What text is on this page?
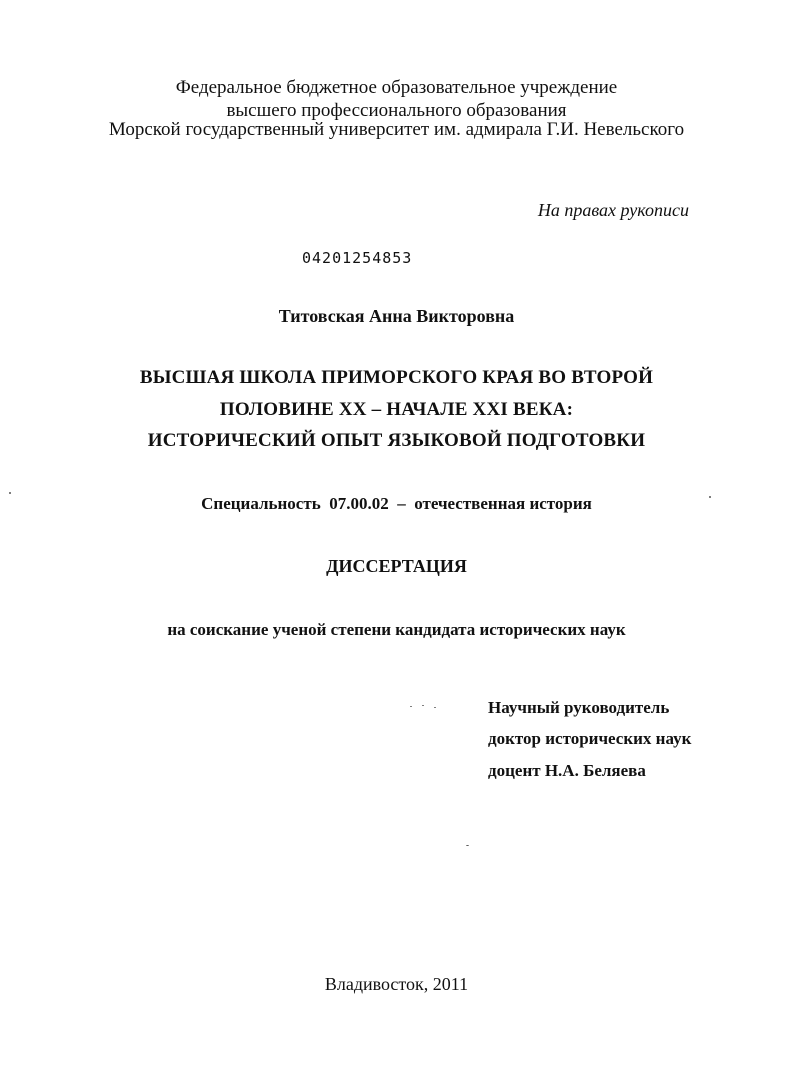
Федеральное бюджетное образовательное учреждение

высшего профессионального образования

Морской государственный университет им. адмирала Г.И. Невельского

На правах рукописи

04201254853

Титовская Анна Викторовна

ВЫСШАЯ ШКОЛА ПРИМОРСКОГО КРАЯ ВО ВТОРОЙ

ПОЛОВИНЕ XX – НАЧАЛЕ XXI ВЕКА:

ИСТОРИЧЕСКИЙ ОПЫТ ЯЗЫКОВОЙ ПОДГОТОВКИ

Специальность  07.00.02  –  отечественная история

ДИССЕРТАЦИЯ

на соискание ученой степени кандидата исторических наук

Научный руководитель

доктор исторических наук

доцент Н.А. Беляева

Владивосток, 2011
